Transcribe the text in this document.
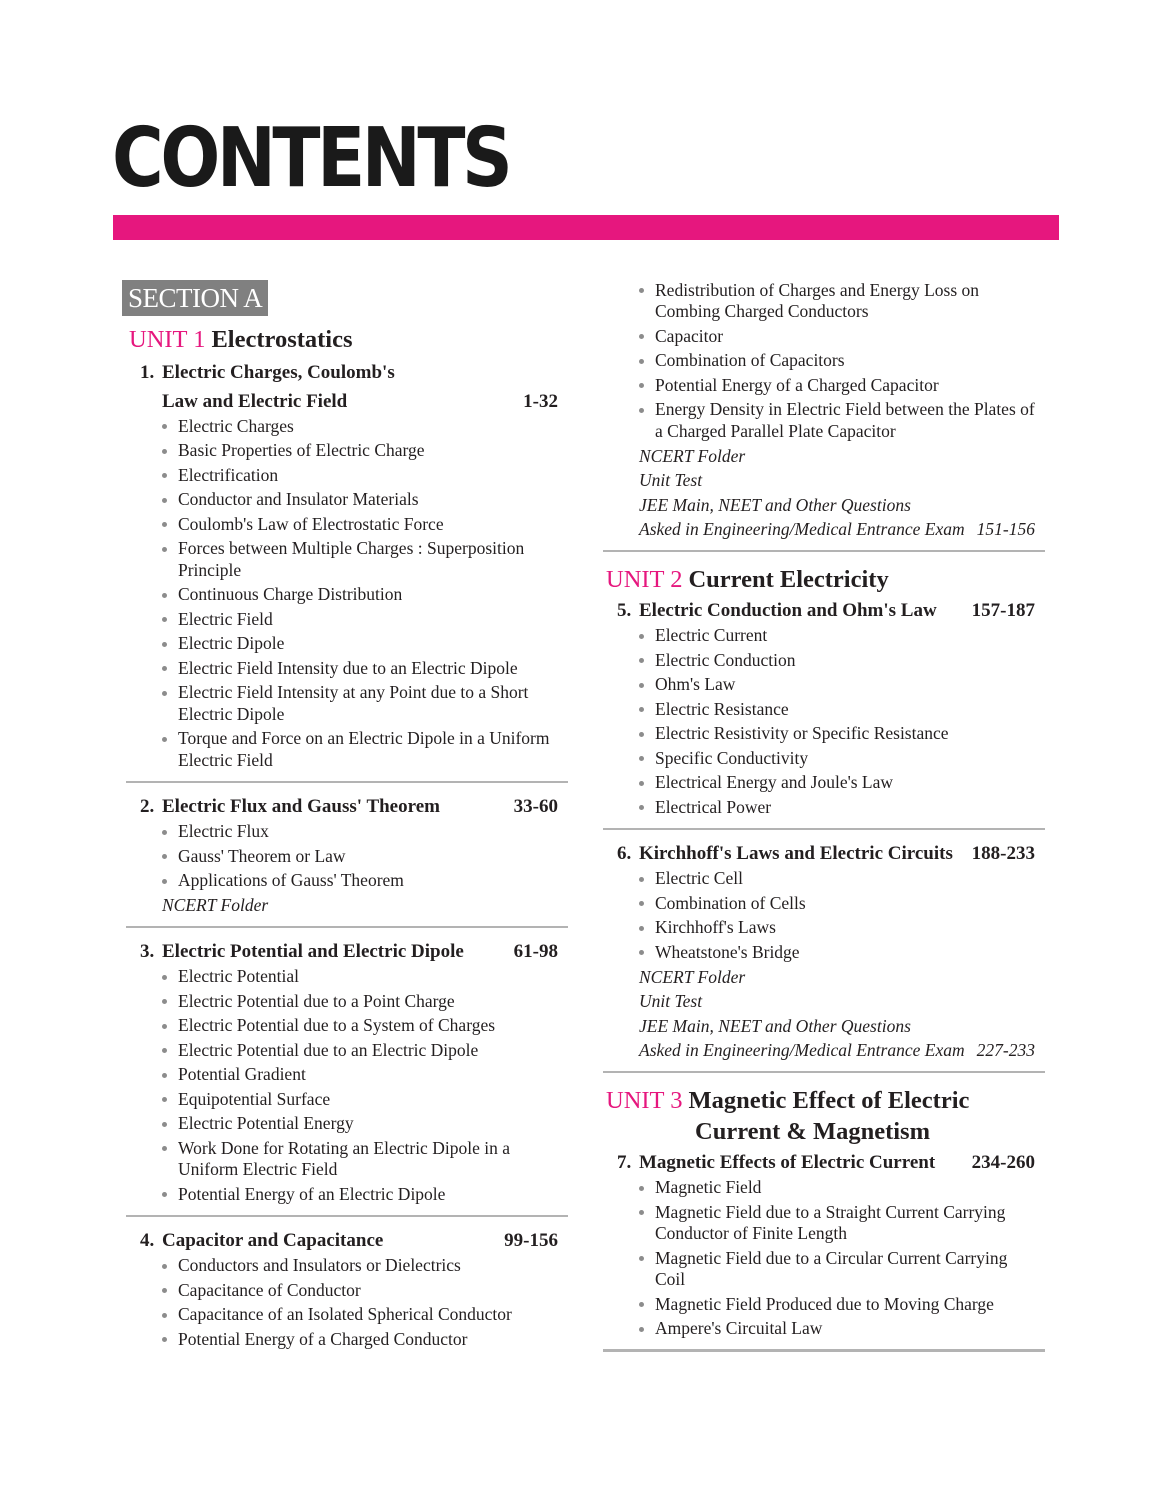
CONTENTS
SECTION A
UNIT 1 Electrostatics
1. Electric Charges, Coulomb's
Law and Electric Field	1-32
Electric Charges
Basic Properties of Electric Charge
Electrification
Conductor and Insulator Materials
Coulomb's Law of Electrostatic Force
Forces between Multiple Charges : Superposition Principle
Continuous Charge Distribution
Electric Field
Electric Dipole
Electric Field Intensity due to an Electric Dipole
Electric Field Intensity at any Point due to a Short Electric Dipole
Torque and Force on an Electric Dipole in a Uniform Electric Field
2. Electric Flux and Gauss' Theorem	33-60
Electric Flux
Gauss' Theorem or Law
Applications of Gauss' Theorem
NCERT Folder
3. Electric Potential and Electric Dipole	61-98
Electric Potential
Electric Potential due to a Point Charge
Electric Potential due to a System of Charges
Electric Potential due to an Electric Dipole
Potential Gradient
Equipotential Surface
Electric Potential Energy
Work Done for Rotating an Electric Dipole in a Uniform Electric Field
Potential Energy of an Electric Dipole
4. Capacitor and Capacitance	99-156
Conductors and Insulators or Dielectrics
Capacitance of Conductor
Capacitance of an Isolated Spherical Conductor
Potential Energy of a Charged Conductor
Redistribution of Charges and Energy Loss on Combing Charged Conductors
Capacitor
Combination of Capacitors
Potential Energy of a Charged Capacitor
Energy Density in Electric Field between the Plates of a Charged Parallel Plate Capacitor
NCERT Folder
Unit Test
JEE Main, NEET and Other Questions
Asked in Engineering/Medical Entrance Exam 151-156
UNIT 2 Current Electricity
5. Electric Conduction and Ohm's Law	157-187
Electric Current
Electric Conduction
Ohm's Law
Electric Resistance
Electric Resistivity or Specific Resistance
Specific Conductivity
Electrical Energy and Joule's Law
Electrical Power
6. Kirchhoff's Laws and Electric Circuits 188-233
Electric Cell
Combination of Cells
Kirchhoff's Laws
Wheatstone's Bridge
NCERT Folder
Unit Test
JEE Main, NEET and Other Questions
Asked in Engineering/Medical Entrance Exam 227-233
UNIT 3 Magnetic Effect of Electric
Current & Magnetism
7. Magnetic Effects of Electric Current	234-260
Magnetic Field
Magnetic Field due to a Straight Current Carrying Conductor of Finite Length
Magnetic Field due to a Circular Current Carrying Coil
Magnetic Field Produced due to Moving Charge
Ampere's Circuital Law
